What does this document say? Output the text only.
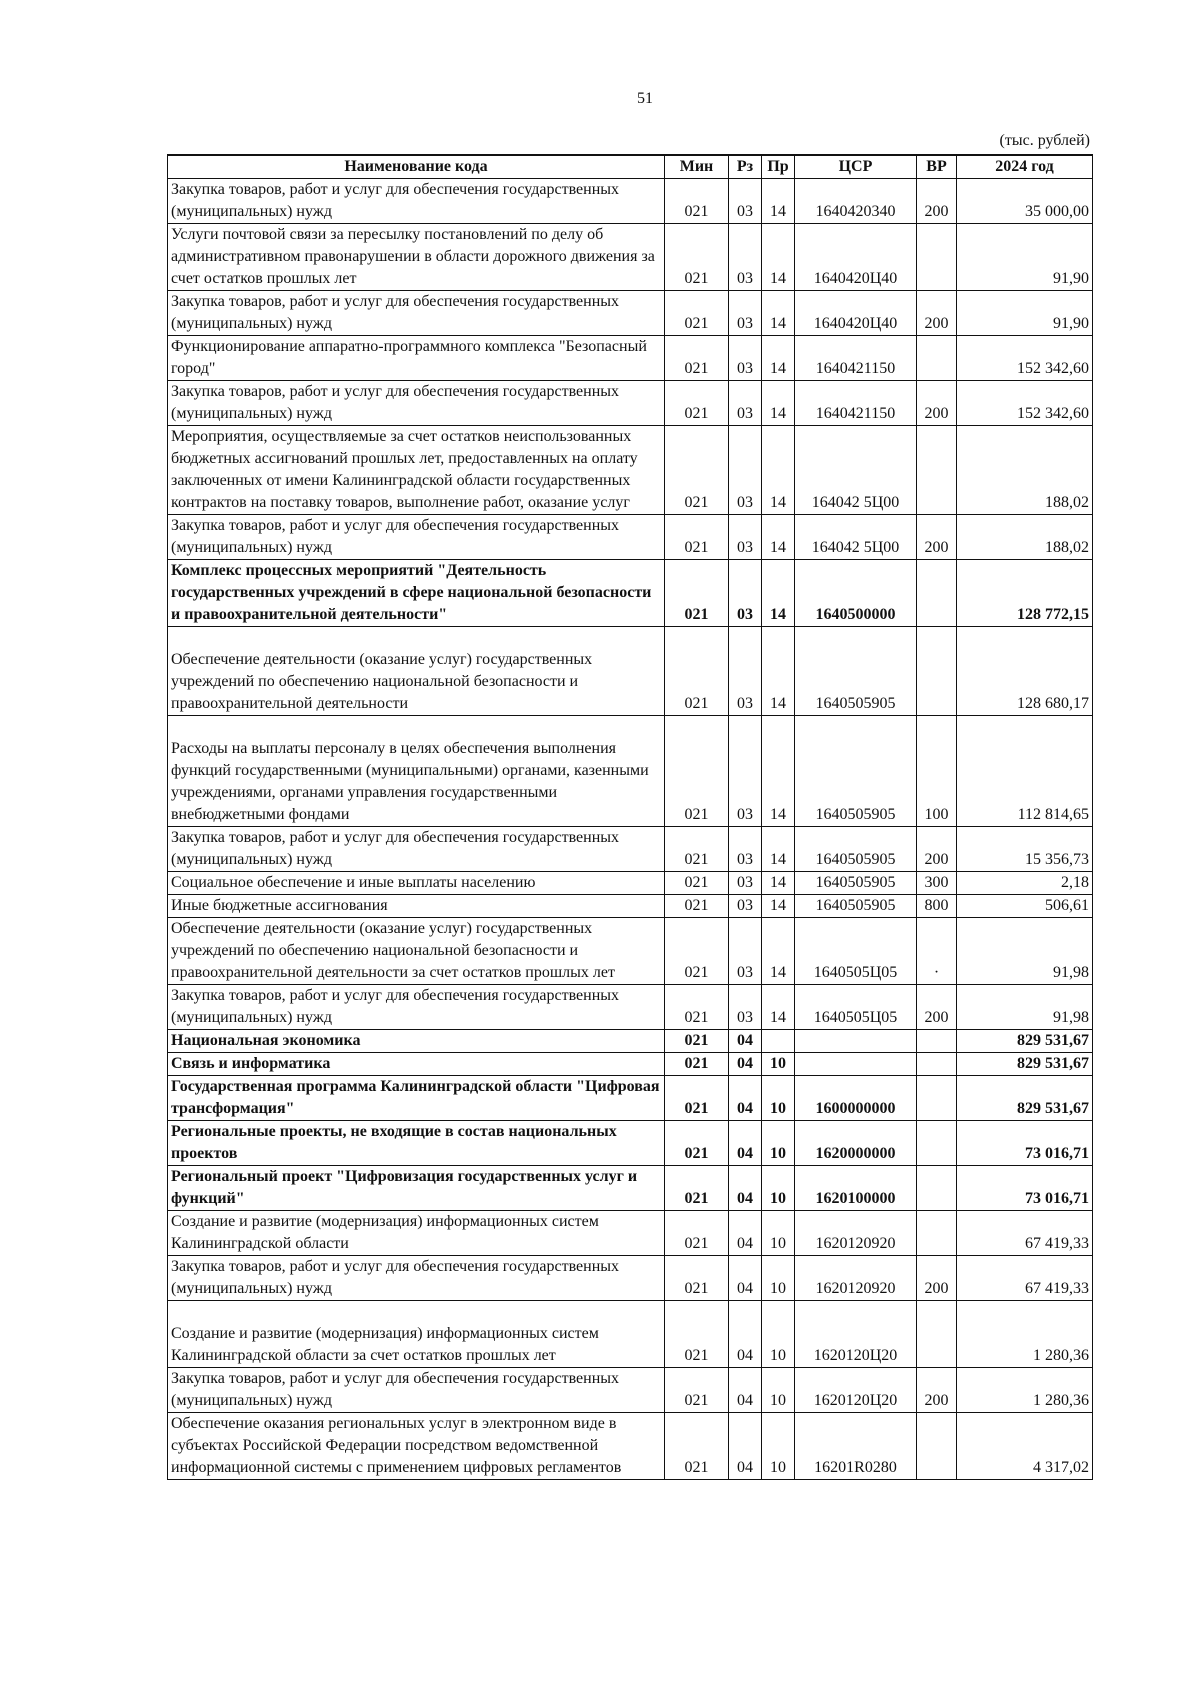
51
(тыс. рублей)
Наименование кода	Мин	Рз	Пр	ЦСР	ВР	2024 год
Закупка товаров, работ и услуг для обеспечения государственных (муниципальных) нужд	021	03	14	1640420340	200	35 000,00
Услуги почтовой связи за пересылку постановлений по делу об административном правонарушении в области дорожного движения за счет остатков прошлых лет	021	03	14	1640420Ц40		91,90
Закупка товаров, работ и услуг для обеспечения государственных (муниципальных) нужд	021	03	14	1640420Ц40	200	91,90
Функционирование аппаратно-программного комплекса "Безопасный город"	021	03	14	1640421150		152 342,60
Закупка товаров, работ и услуг для обеспечения государственных (муниципальных) нужд	021	03	14	1640421150	200	152 342,60
Мероприятия, осуществляемые за счет остатков неиспользованных бюджетных ассигнований прошлых лет, предоставленных на оплату заключенных от имени Калининградской области государственных контрактов на поставку товаров, выполнение работ, оказание услуг	021	03	14	164042 5Ц00		188,02
Закупка товаров, работ и услуг для обеспечения государственных (муниципальных) нужд	021	03	14	164042 5Ц00	200	188,02
Комплекс процессных мероприятий "Деятельность государственных учреждений в сфере национальной безопасности и правоохранительной деятельности"	021	03	14	1640500000		128 772,15
Обеспечение деятельности (оказание услуг) государственных учреждений по обеспечению национальной безопасности и правоохранительной деятельности	021	03	14	1640505905		128 680,17
Расходы на выплаты персоналу в целях обеспечения выполнения функций государственными (муниципальными) органами, казенными учреждениями, органами управления государственными внебюджетными фондами	021	03	14	1640505905	100	112 814,65
Закупка товаров, работ и услуг для обеспечения государственных (муниципальных) нужд	021	03	14	1640505905	200	15 356,73
Социальное обеспечение и иные выплаты населению	021	03	14	1640505905	300	2,18
Иные бюджетные ассигнования	021	03	14	1640505905	800	506,61
Обеспечение деятельности (оказание услуг) государственных учреждений по обеспечению национальной безопасности и правоохранительной деятельности за счет остатков прошлых лет	021	03	14	1640505Ц05	·	91,98
Закупка товаров, работ и услуг для обеспечения государственных (муниципальных) нужд	021	03	14	1640505Ц05	200	91,98
Национальная экономика	021	04				829 531,67
Связь и информатика	021	04	10			829 531,67
Государственная программа Калининградской области "Цифровая трансформация"	021	04	10	1600000000		829 531,67
Региональные проекты, не входящие в состав национальных проектов	021	04	10	1620000000		73 016,71
Региональный проект "Цифровизация государственных услуг и функций"	021	04	10	1620100000		73 016,71
Создание и развитие (модернизация) информационных систем Калининградской области	021	04	10	1620120920		67 419,33
Закупка товаров, работ и услуг для обеспечения государственных (муниципальных) нужд	021	04	10	1620120920	200	67 419,33
Создание и развитие (модернизация) информационных систем Калининградской области за счет остатков прошлых лет	021	04	10	1620120Ц20		1 280,36
Закупка товаров, работ и услуг для обеспечения государственных (муниципальных) нужд	021	04	10	1620120Ц20	200	1 280,36
Обеспечение оказания региональных услуг в электронном виде в субъектах Российской Федерации посредством ведомственной информационной системы с применением цифровых регламентов	021	04	10	16201R0280		4 317,02
